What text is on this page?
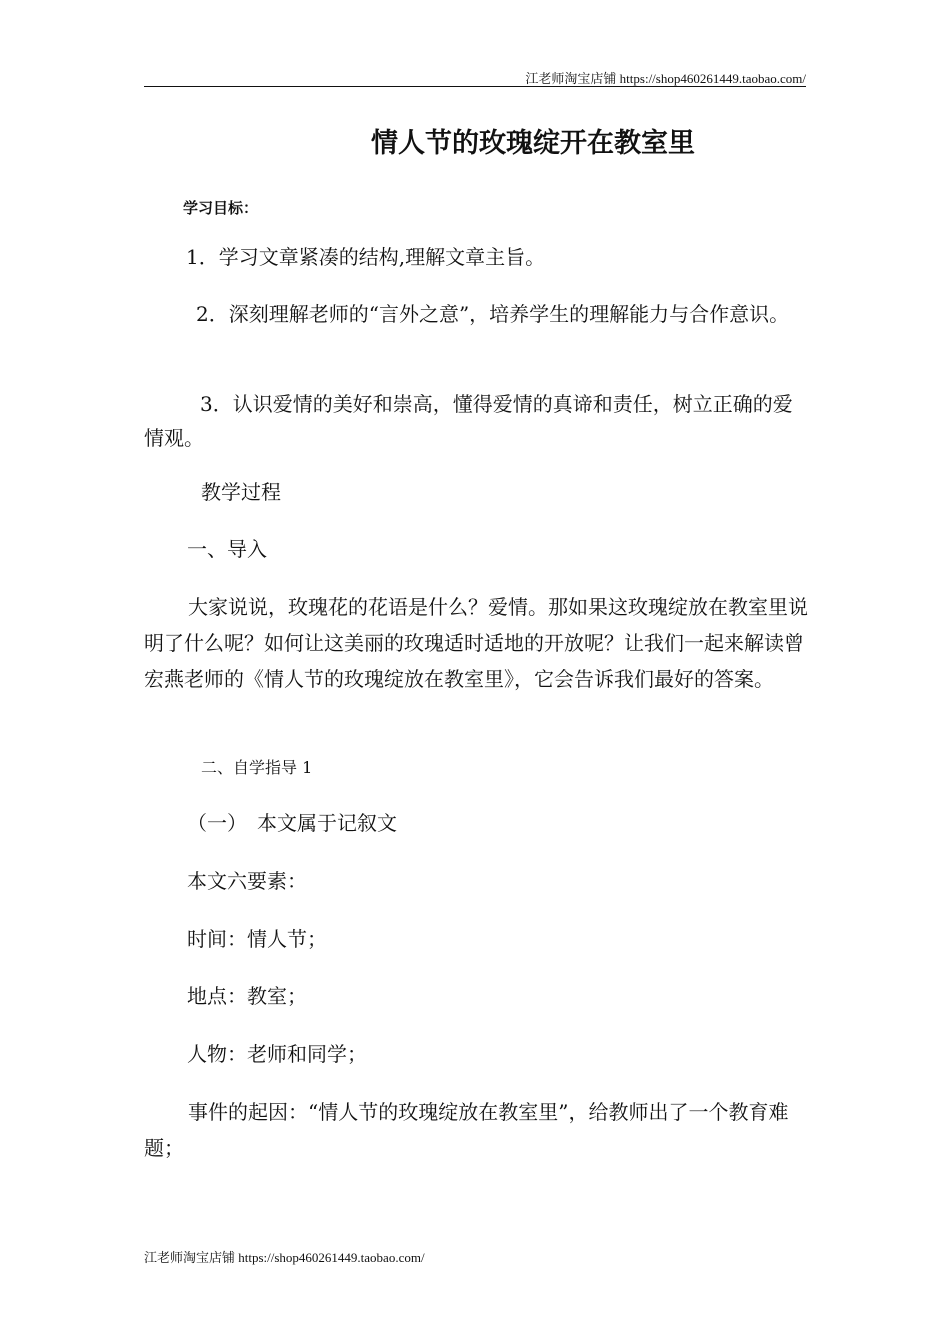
江老师淘宝店铺 https://shop460261449.taobao.com/
情人节的玫瑰绽开在教室里
学习目标：
1．学习文章紧凑的结构,理解文章主旨。
2．深刻理解老师的“言外之意”，培养学生的理解能力与合作意识。
3．认识爱情的美好和崇高，懂得爱情的真谛和责任，树立正确的爱情观。
教学过程
一、导入
大家说说，玫瑰花的花语是什么？爱情。那如果这玫瑰绽放在教室里说明了什么呢？如何让这美丽的玫瑰适时适地的开放呢？让我们一起来解读曾宏燕老师的《情人节的玫瑰绽放在教室里》，它会告诉我们最好的答案。
二、自学指导 1
（一）　本文属于记叙文
本文六要素：
时间：情人节；
地点：教室；
人物：老师和同学；
事件的起因：“情人节的玫瑰绽放在教室里”，给教师出了一个教育难题；
江老师淘宝店铺 https://shop460261449.taobao.com/
